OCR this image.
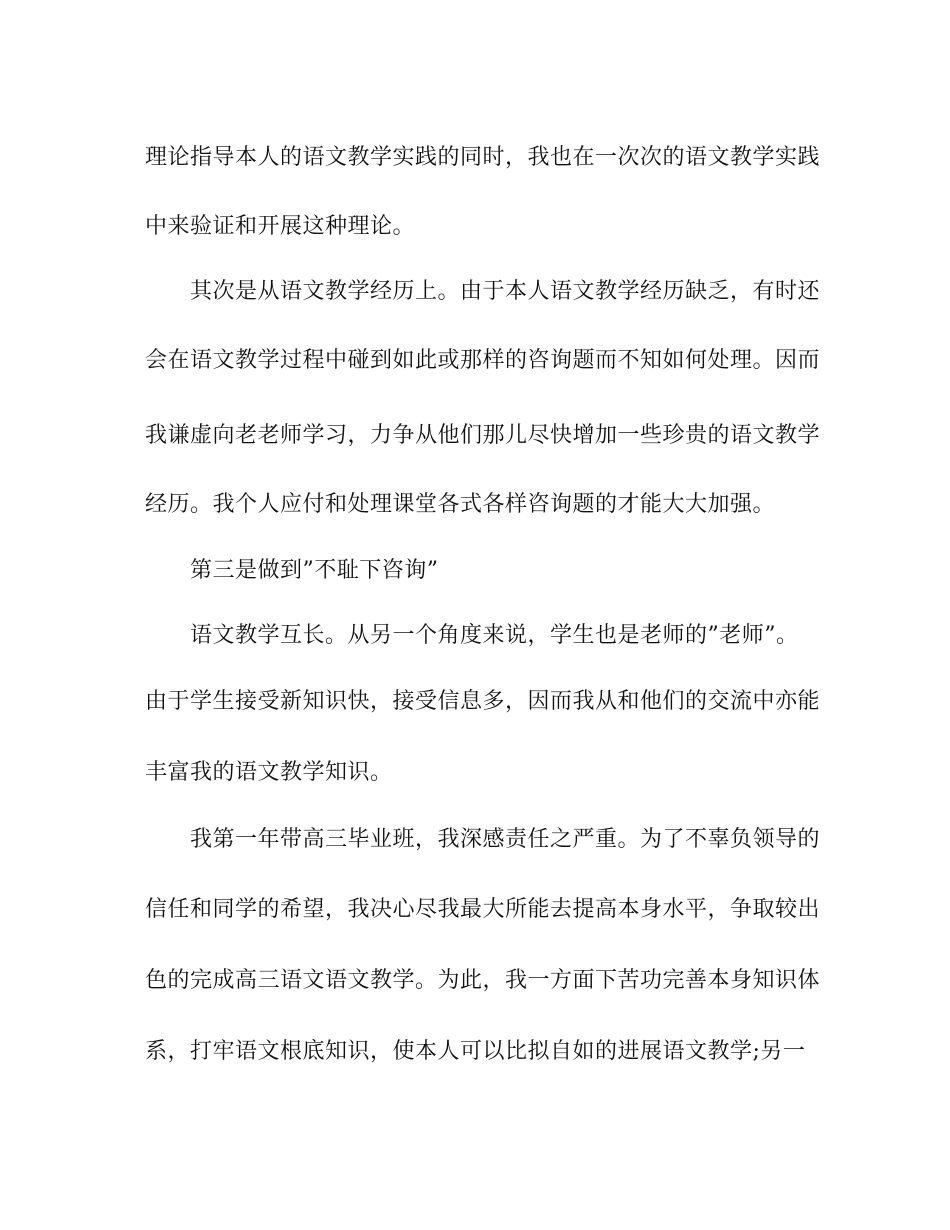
理论指导本人的语文教学实践的同时，我也在一次次的语文教学实践
中来验证和开展这种理论。
其次是从语文教学经历上。由于本人语文教学经历缺乏，有时还
会在语文教学过程中碰到如此或那样的咨询题而不知如何处理。因而
我谦虚向老老师学习，力争从他们那儿尽快增加一些珍贵的语文教学
经历。我个人应付和处理课堂各式各样咨询题的才能大大加强。
第三是做到”不耻下咨询”
语文教学互长。从另一个角度来说，学生也是老师的”老师”。
由于学生接受新知识快，接受信息多，因而我从和他们的交流中亦能
丰富我的语文教学知识。
我第一年带高三毕业班，我深感责任之严重。为了不辜负领导的
信任和同学的希望，我决心尽我最大所能去提高本身水平，争取较出
色的完成高三语文语文教学。为此，我一方面下苦功完善本身知识体
系，打牢语文根底知识，使本人可以比拟自如的进展语文教学;另一
